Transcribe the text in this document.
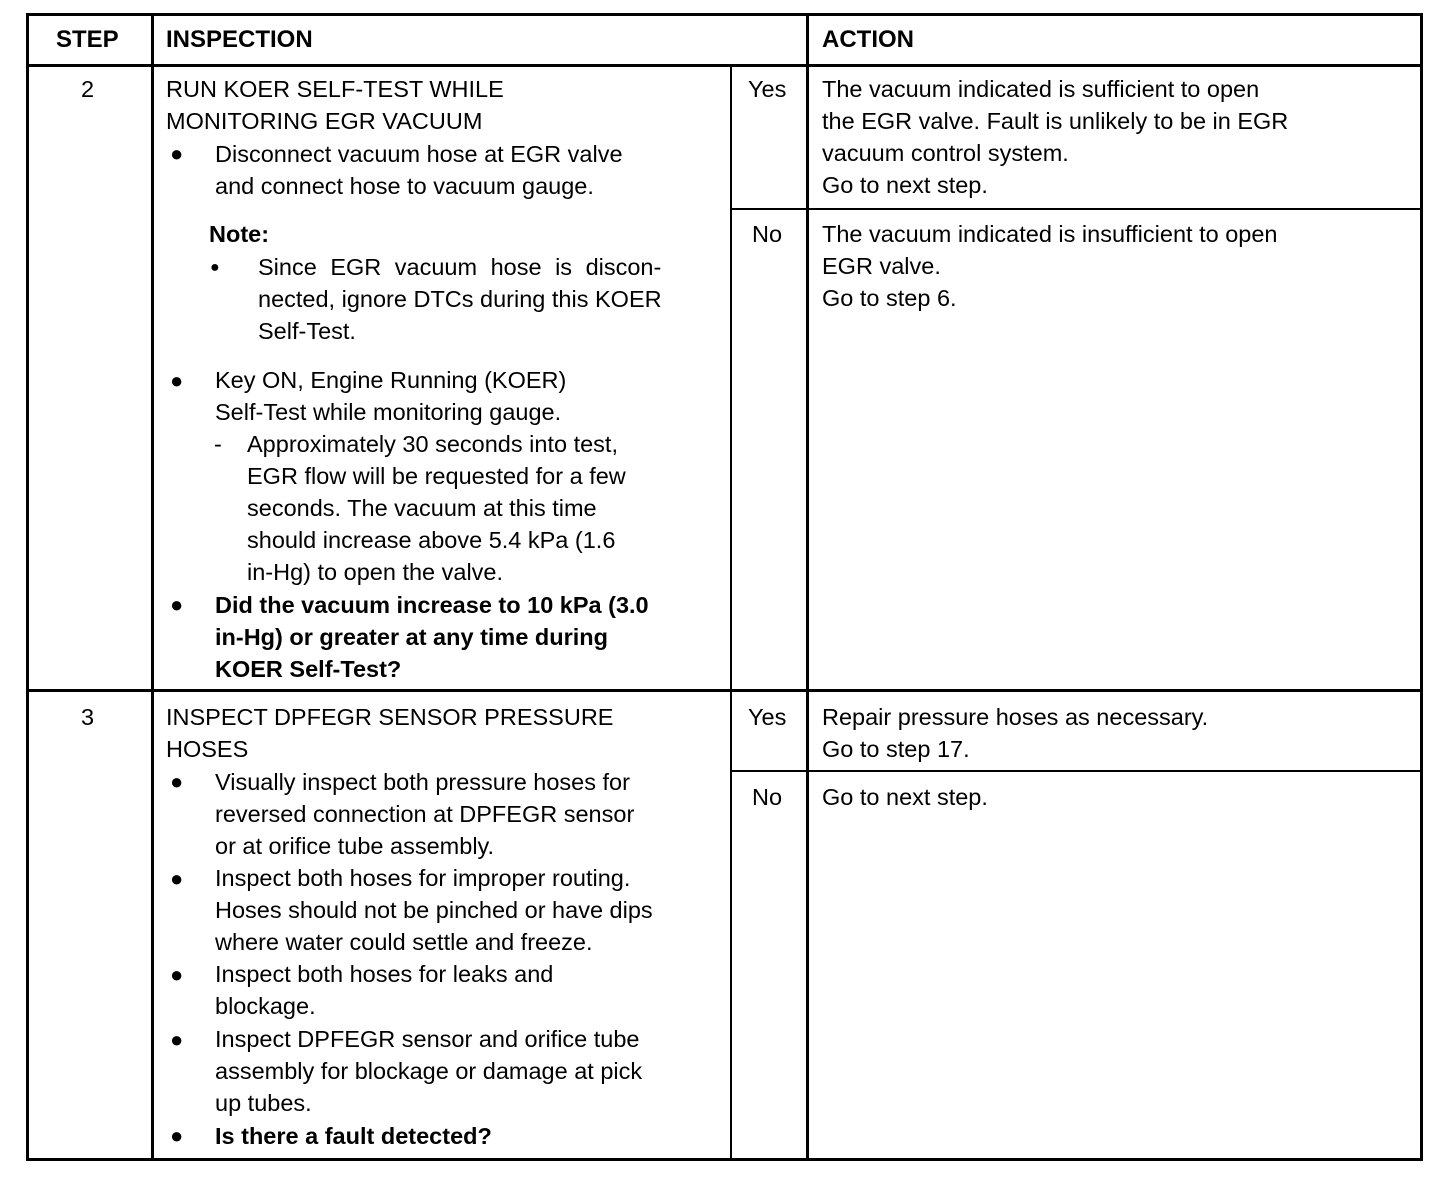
STEP INSPECTION	ACTION
2	RUN KOER SELF-TEST WHILE
MONITORING EGR VACUUM
● Disconnect vacuum hose at EGR valve
and connect hose to vacuum gauge.
Note:
● Since EGR vacuum hose is discon-
nected, ignore DTCs during this KOER
Self-Test.
● Key ON, Engine Running (KOER)
Self-Test while monitoring gauge.
- Approximately 30 seconds into test,
EGR flow will be requested for a few
seconds. The vacuum at this time
should increase above 5.4 kPa (1.6
in-Hg) to open the valve.
● Did the vacuum increase to 10 kPa (3.0
in-Hg) or greater at any time during
KOER Self-Test?
Yes The vacuum indicated is sufficient to open
the EGR valve. Fault is unlikely to be in EGR
vacuum control system.
Go to next step.
No The vacuum indicated is insufficient to open
EGR valve.
Go to step 6.
3	INSPECT DPFEGR SENSOR PRESSURE
HOSES
● Visually inspect both pressure hoses for
reversed connection at DPFEGR sensor
or at orifice tube assembly.
● Inspect both hoses for improper routing.
Hoses should not be pinched or have dips
where water could settle and freeze.
● Inspect both hoses for leaks and
blockage.
● Inspect DPFEGR sensor and orifice tube
assembly for blockage or damage at pick
up tubes.
● Is there a fault detected?
Yes Repair pressure hoses as necessary.
Go to step 17.
No Go to next step.
